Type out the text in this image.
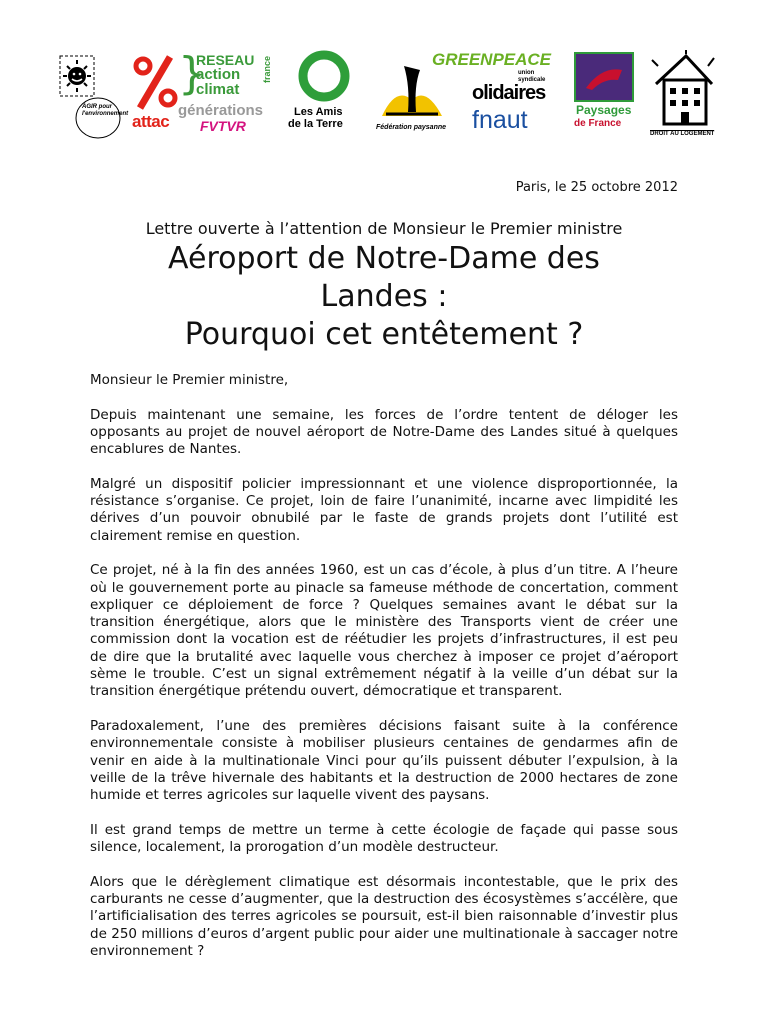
AGIR pour l'environnement attac
}
RESEAU
action
climat
france
générations
FVTVR
Les Amis
de la Terre	Fédération paysanne
GREENPEACE
union syndicale
olidaires
fnaut	Paysages
de France
DROIT AU LOGEMENT
Paris, le 25 octobre 2012
Lettre ouverte à l’attention de Monsieur le Premier ministre
Aéroport de Notre-Dame des
Landes :
Pourquoi cet entêtement ?

Monsieur le Premier ministre,

Depuis maintenant une semaine, les forces de l’ordre tentent de déloger les opposants au projet de nouvel aéroport de Notre-Dame des Landes situé à quelques encablures de Nantes.

Malgré un dispositif policier impressionnant et une violence disproportionnée, la résistance s’organise. Ce projet, loin de faire l’unanimité, incarne avec limpidité les dérives d’un pouvoir obnubilé par le faste de grands projets dont l’utilité est clairement remise en question.

Ce projet, né à la fin des années 1960, est un cas d’école, à plus d’un titre. A l’heure où le gouvernement porte au pinacle sa fameuse méthode de concertation, comment expliquer ce déploiement de force ? Quelques semaines avant le débat sur la transition énergétique, alors que le ministère des Transports vient de créer une commission dont la vocation est de réétudier les projets d’infrastructures, il est peu de dire que la brutalité avec laquelle vous cherchez à imposer ce projet d’aéroport sème le trouble. C’est un signal extrêmement négatif à la veille d’un débat sur la transition énergétique prétendu ouvert, démocratique et transparent.

Paradoxalement, l’une des premières décisions faisant suite à la conférence environnementale consiste à mobiliser plusieurs centaines de gendarmes afin de venir en aide à la multinationale Vinci pour qu’ils puissent débuter l’expulsion, à la veille de la trêve hivernale des habitants et la destruction de 2000 hectares de zone humide et terres agricoles sur laquelle vivent des paysans.

Il est grand temps de mettre un terme à cette écologie de façade qui passe sous silence, localement, la prorogation d’un modèle destructeur.

Alors que le dérèglement climatique est désormais incontestable, que le prix des carburants ne cesse d’augmenter, que la destruction des écosystèmes s’accélère, que l’artificialisation des terres agricoles se poursuit, est-il bien raisonnable d’investir plus de 250 millions d’euros d’argent public pour aider une multinationale à saccager notre environnement ?
